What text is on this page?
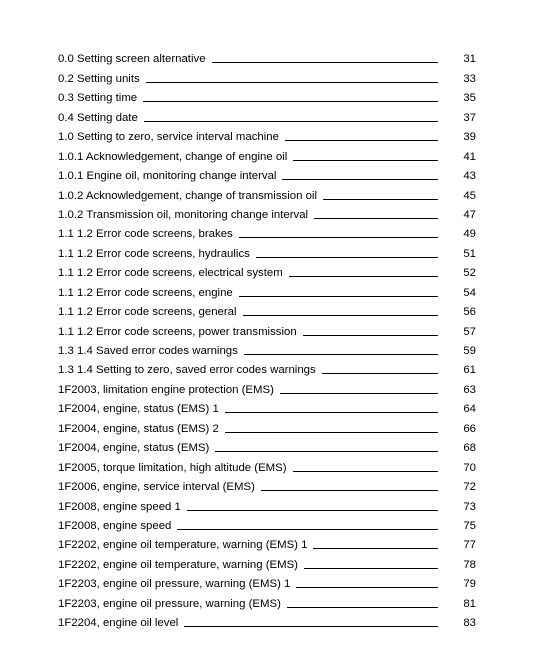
0.0 Setting screen alternative	31
0.2 Setting units	33
0.3 Setting time	35
0.4 Setting date	37
1.0 Setting to zero, service interval machine	39
1.0.1 Acknowledgement, change of engine oil	41
1.0.1 Engine oil, monitoring change interval	43
1.0.2 Acknowledgement, change of transmission oil	45
1.0.2 Transmission oil, monitoring change interval	47
1.1 1.2 Error code screens, brakes	49
1.1 1.2 Error code screens, hydraulics	51
1.1 1.2 Error code screens, electrical system	52
1.1 1.2 Error code screens, engine	54
1.1 1.2 Error code screens, general	56
1.1 1.2 Error code screens, power transmission	57
1.3 1.4 Saved error codes warnings	59
1.3 1.4 Setting to zero, saved error codes warnings	61
1F2003, limitation engine protection (EMS)	63
1F2004, engine, status (EMS) 1	64
1F2004, engine, status (EMS) 2	66
1F2004, engine, status (EMS)	68
1F2005, torque limitation, high altitude (EMS)	70
1F2006, engine, service interval (EMS)	72
1F2008, engine speed 1	73
1F2008, engine speed	75
1F2202, engine oil temperature, warning (EMS) 1	77
1F2202, engine oil temperature, warning (EMS)	78
1F2203, engine oil pressure, warning (EMS) 1	79
1F2203, engine oil pressure, warning (EMS)	81
1F2204, engine oil level	83
